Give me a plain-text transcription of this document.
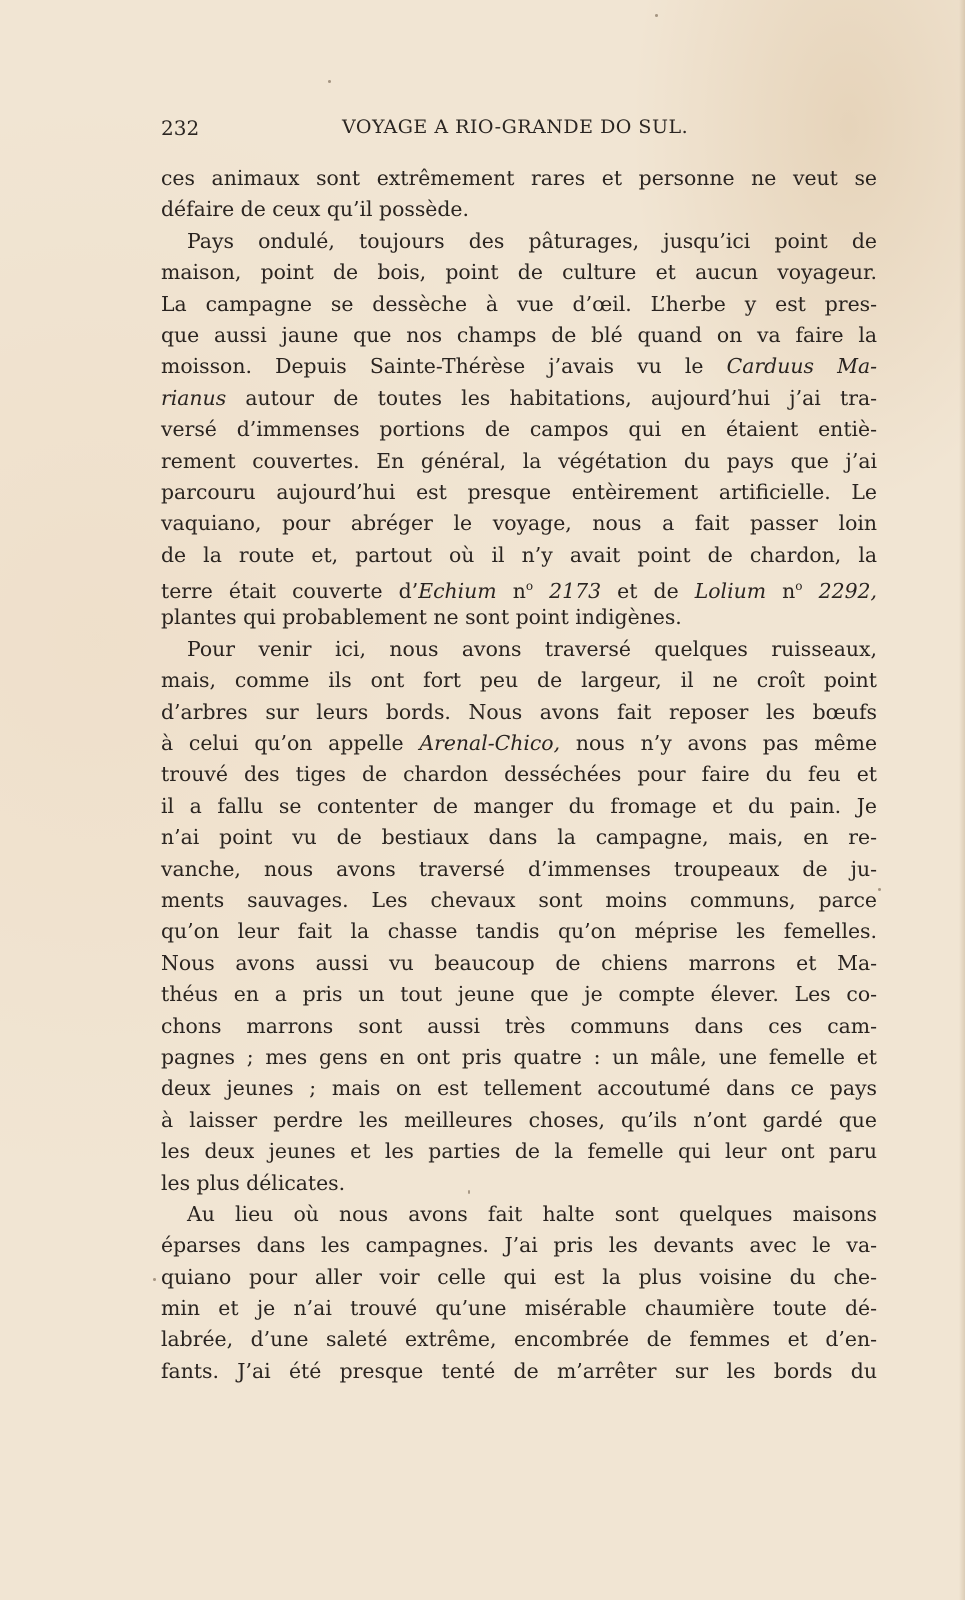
232	VOYAGE A RIO-GRANDE DO SUL.
ces animaux sont extrêmement rares et personne ne veut se
défaire de ceux qu’il possède.
Pays ondulé, toujours des pâturages, jusqu’ici point de
maison, point de bois, point de culture et aucun voyageur.
La campagne se dessèche à vue d’œil. L’herbe y est pres-
que aussi jaune que nos champs de blé quand on va faire la
moisson. Depuis Sainte-Thérèse j’avais vu le Carduus Ma-
rianus autour de toutes les habitations, aujourd’hui j’ai tra-
versé d’immenses portions de campos qui en étaient entiè-
rement couvertes. En général, la végétation du pays que j’ai
parcouru aujourd’hui est presque entèirement artificielle. Le
vaquiano, pour abréger le voyage, nous a fait passer loin
de la route et, partout où il n’y avait point de chardon, la
terre était couverte d’Echium $n^o$ 2173 et de Lolium $n^o$ 2292,
plantes qui probablement ne sont point indigènes.
Pour venir ici, nous avons traversé quelques ruisseaux,
mais, comme ils ont fort peu de largeur, il ne croît point
d’arbres sur leurs bords. Nous avons fait reposer les bœufs
à celui qu’on appelle Arenal-Chico, nous n’y avons pas même
trouvé des tiges de chardon desséchées pour faire du feu et
il a fallu se contenter de manger du fromage et du pain. Je
n’ai point vu de bestiaux dans la campagne, mais, en re-
vanche, nous avons traversé d’immenses troupeaux de ju-
ments sauvages. Les chevaux sont moins communs, parce
qu’on leur fait la chasse tandis qu’on méprise les femelles.
Nous avons aussi vu beaucoup de chiens marrons et Ma-
théus en a pris un tout jeune que je compte élever. Les co-
chons marrons sont aussi très communs dans ces cam-
pagnes ; mes gens en ont pris quatre : un mâle, une femelle et
deux jeunes ; mais on est tellement accoutumé dans ce pays
à laisser perdre les meilleures choses, qu’ils n’ont gardé que
les deux jeunes et les parties de la femelle qui leur ont paru
les plus délicates.
Au lieu où nous avons fait halte sont quelques maisons
éparses dans les campagnes. J’ai pris les devants avec le va-
quiano pour aller voir celle qui est la plus voisine du che-
min et je n’ai trouvé qu’une misérable chaumière toute dé-
labrée, d’une saleté extrême, encombrée de femmes et d’en-
fants. J’ai été presque tenté de m’arrêter sur les bords du
